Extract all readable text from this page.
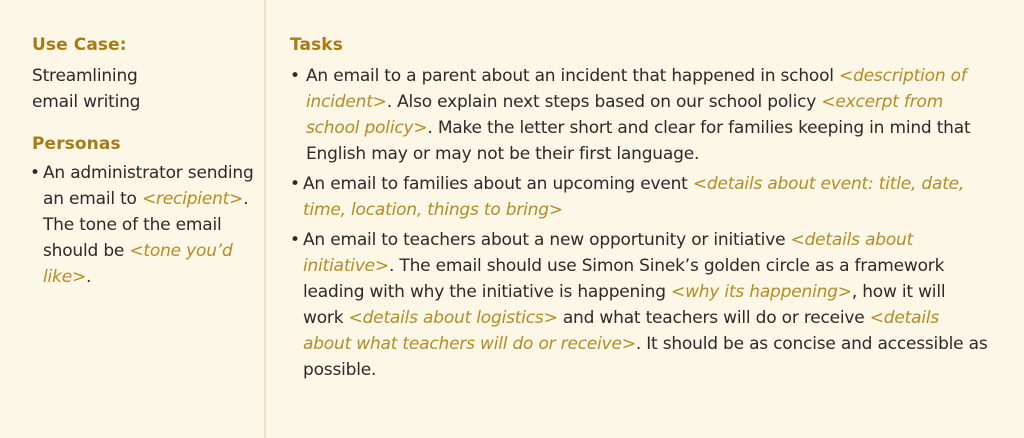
Use Case:
Streamlining
email writing
Personas
• An administrator sending an email to <recipient>. The tone of the email should be <tone you’d like>.
Tasks
• An email to a parent about an incident that happened in school <description of incident>. Also explain next steps based on our school policy <excerpt from school policy>. Make the letter short and clear for families keeping in mind that English may or may not be their first language.
• An email to families about an upcoming event <details about event: title, date, time, location, things to bring>
• An email to teachers about a new opportunity or initiative <details about initiative>. The email should use Simon Sinek’s golden circle as a framework leading with why the initiative is happening <why its happening>, how it will work <details about logistics> and what teachers will do or receive <details about what teachers will do or receive>. It should be as concise and accessible as possible.
